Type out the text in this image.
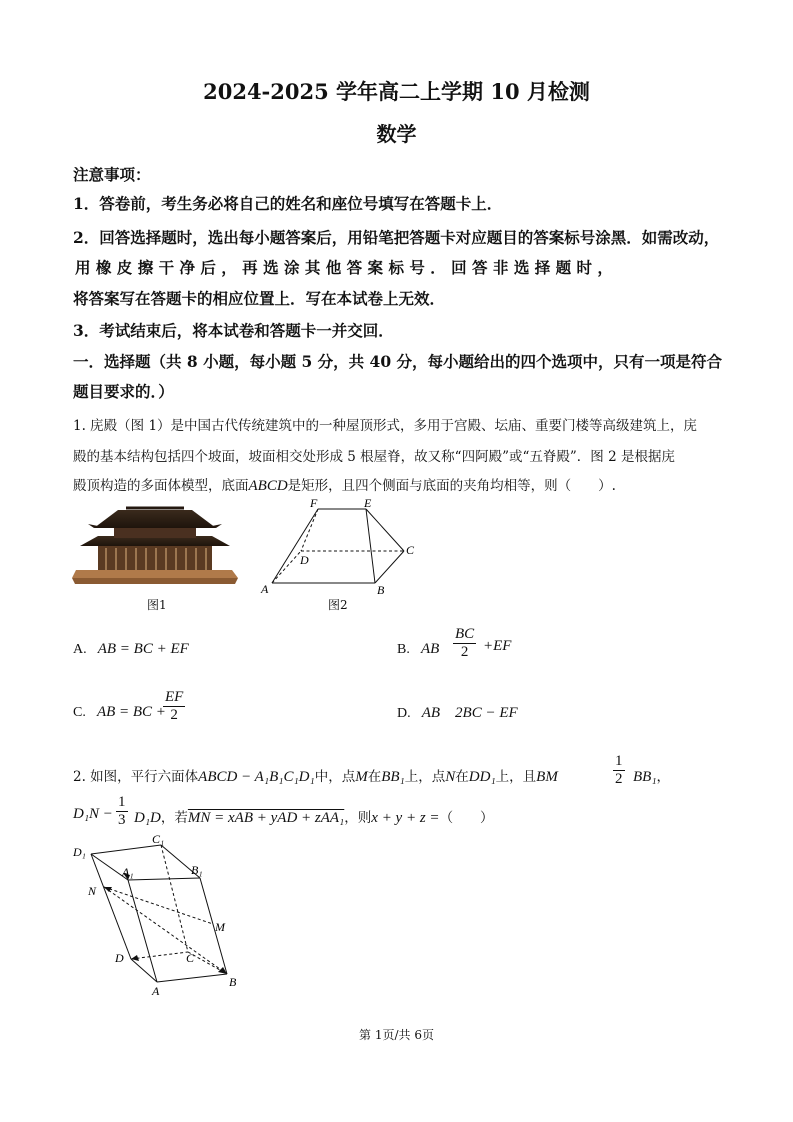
2024-2025 学年高二上学期 10 月检测
数学
注意事项：
1．答卷前，考生务必将自己的姓名和座位号填写在答题卡上．
2．回答选择题时，选出每小题答案后，用铅笔把答题卡对应题目的答案标号涂黑．如需改动，
用 橡 皮 擦 干 净 后 ， 再 选 涂 其 他 答 案 标 号 ． 回 答 非 选 择 题 时 ，
将答案写在答题卡的相应位置上．写在本试卷上无效．
3．考试结束后，将本试卷和答题卡一并交回．
一．选择题（共 8 小题，每小题 5 分，共 40 分，每小题给出的四个选项中，只有一项是符合
题目要求的．）
1. 庑殿（图 1）是中国古代传统建筑中的一种屋顶形式，多用于宫殿、坛庙、重要门楼等高级建筑上，庑
殿的基本结构包括四个坡面，坡面相交处形成 5 根屋脊，故又称“四阿殿”或“五脊殿”．图 2 是根据庑
殿顶构造的多面体模型，底面ABCD是矩形，且四个侧面与底面的夹角均相等，则（　　）.
图1
F	E
C
D
A	B
图2
A. AB = BC + EF	B. AB $\frac{BC}{2} +EF$
C. AB = BC +
$\frac{EF}{2}$	D. AB　2BC − EF
2. 如图，平行六面体ABCD − A₁B₁C₁D₁中，点M在BB₁上，点N在DD₁上，且BM	$\frac{1}{2} BB_1$，
$D_1N - \frac{1}{3} D_1D$，若MN = xAB + yAD + zAA₁，则x + y + z =（　　）
D₁
C₁
A₁	B₁
N
M
D	C
A
B
第 1页/共 6页
